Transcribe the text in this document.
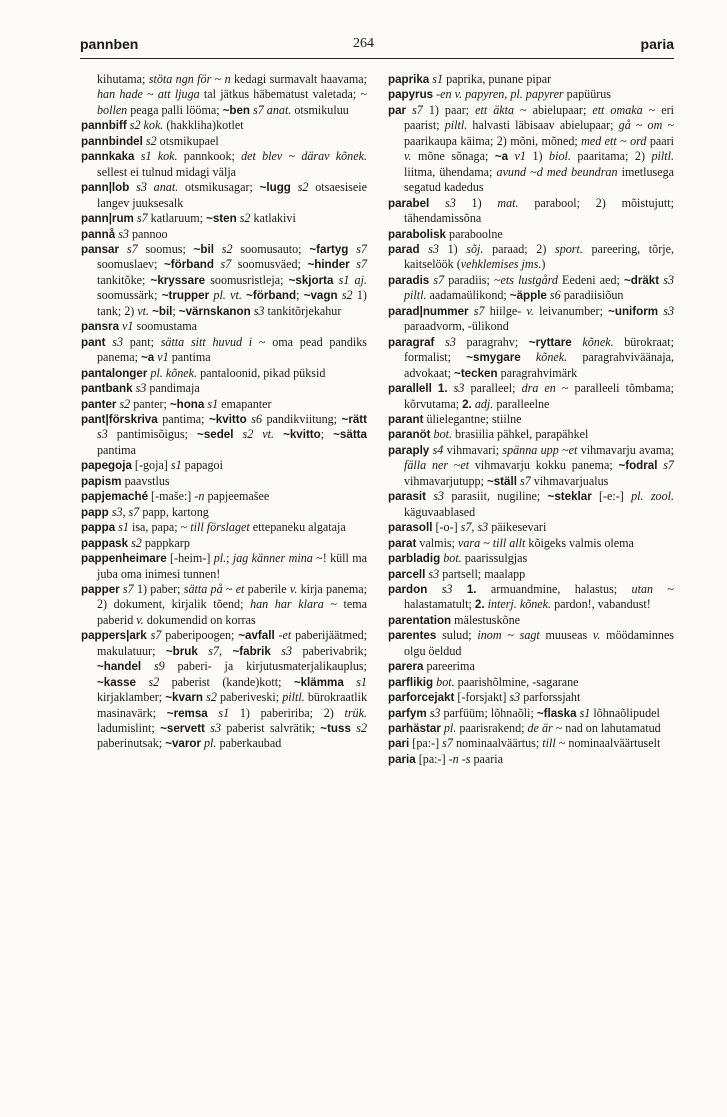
pannben	264	paria

kihutama; stöta ngn för ~ n kedagi surmavalt haavama; han hade ~ att ljuga tal jätkus häbematust valetada; ~ bollen peaga palli lööma; ~ben s7 anat. otsmikuluu

pannbiff s2 kok. (hakkliha)kotlet

pannbindel s2 otsmikupael

pannkaka s1 kok. pannkook; det blev ~ därav kõnek. sellest ei tulnud midagi välja

pann|lob s3 anat. otsmikusagar; ~lugg s2 otsaesiseie langev juuksesalk

pann|rum s7 katlaruum; ~sten s2 katlakivi

pannå s3 pannoo

pansar s7 soomus; ~bil s2 soomusauto; ~fartyg s7 soomuslaev; ~förband s7 soomusväed; ~hinder s7 tankitõke; ~kryssare soomusristleja; ~skjorta s1 aj. soomussärk; ~trupper pl. vt. ~förband; ~vagn s2 1) tank; 2) vt. ~bil; ~värnskanon s3 tankitõrjekahur

pansra v1 soomustama

pant s3 pant; sätta sitt huvud i ~ oma pead pandiks panema; ~a v1 pantima

pantalonger pl. kõnek. pantaloonid, pikad püksid

pantbank s3 pandimaja

panter s2 panter; ~hona s1 emapanter

pant|förskriva pantima; ~kvitto s6 pandikviitung; ~rätt s3 pantimisõigus; ~sedel s2 vt. ~kvitto; ~sätta pantima

papegoja [-goja] s1 papagoi

papism paavstlus

papjemaché [-maše:] -n papjeemašee

papp s3, s7 papp, kartong

pappa s1 isa, papa; ~ till förslaget ettepaneku algataja

pappask s2 pappkarp

pappenheimare [-heim-] pl.; jag känner mina ~! küll ma juba oma inimesi tunnen!

papper s7 1) paber; sätta på ~ et paberile v. kirja panema; 2) dokument, kirjalik tõend; han har klara ~ tema paberid v. dokumendid on korras

pappers|ark s7 paberipoogen; ~avfall -et paberijäätmed; makulatuur; ~bruk s7, ~fabrik s3 paberivabrik; ~handel s9 paberi- ja kirjutusmaterjalikauplus; ~kasse s2 paberist (kande)kott; ~klämma s1 kirjaklamber; ~kvarn s2 paberiveski; piltl. bürokraatlik masinavärk; ~remsa s1 1) pabeririba; 2) trük. ladumislint; ~servett s3 paberist salvrätik; ~tuss s2 paberinutsak; ~varor pl. paberkaubad

paprika s1 paprika, punane pipar

papyrus -en v. papyren, pl. papyrer papüürus

par s7 1) paar; ett äkta ~ abielupaar; ett omaka ~ eri paarist; piltl. halvasti läbisaav abielupaar; gå ~ om ~ paarikaupa käima; 2) mõni, mõned; med ett ~ ord paari v. mõne sõnaga; ~a v1 1) biol. paaritama; 2) piltl. liitma, ühendama; avund ~d med beundran imetlusega segatud kadedus

parabel s3 1) mat. parabool; 2) mõistujutt; tähendamissõna

parabolisk paraboolne

parad s3 1) sõj. paraad; 2) sport. pareering, tõrje, kaitselöök (vehklemises jms.)

paradis s7 paradiis; ~ets lustgård Eedeni aed; ~dräkt s3 piltl. aadamaülikond; ~äpple s6 paradiisiõun

parad|nummer s7 hiilge- v. leivanumber; ~uniform s3 paraadvorm, -ülikond

paragraf s3 paragrahv; ~ryttare kõnek. bürokraat; formalist; ~smygare kõnek. paragrahviväänaja, advokaat; ~tecken paragrahvimärk

parallell 1. s3 paralleel; dra en ~ paralleeli tõmbama; kõrvutama; 2. adj. paralleelne

parant ülielegantne; stiilne

paranöt bot. brasiilia pähkel, parapähkel

paraply s4 vihmavari; spänna upp ~et vihmavarju avama; fälla ner ~et vihmavarju kokku panema; ~fodral s7 vihmavarjutupp; ~ställ s7 vihmavarjualus

parasit s3 parasiit, nugiline; ~steklar [-e:-] pl. zool. käguvaablased

parasoll [-o-] s7, s3 päikesevari

parat valmis; vara ~ till allt kõigeks valmis olema

parbladig bot. paarissulgjas

parcell s3 partsell; maalapp

pardon s3 1. armuandmine, halastus; utan ~ halastamatult; 2. interj. kõnek. pardon!, vabandust!

parentation mälestuskõne

parentes sulud; inom ~ sagt muuseas v. möödaminnes olgu öeldud

parera pareerima

parflikig bot. paarishõlmine, -sagarane

parforcejakt [-forsjakt] s3 parforssjaht

parfym s3 parfüüm; lõhnaõli; ~flaska s1 lõhnaõlipudel

parhästar pl. paarisrakend; de är ~ nad on lahutamatud

pari [pa:-] s7 nominaalväärtus; till ~ nominaalväärtuselt

paria [pa:-] -n -s paaria
